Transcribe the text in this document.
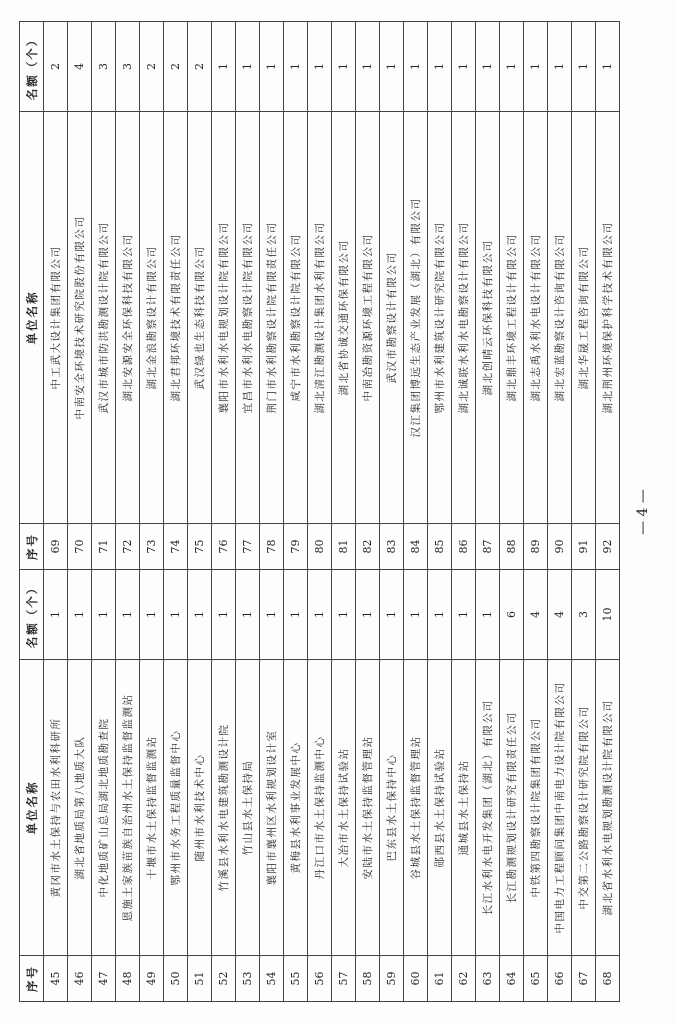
序号	单位名称	名额（个）	序号	单位名称	名额（个）
45	黄冈市水土保持与农田水利科研所	1	69	中工武大设计集团有限公司	2
46	湖北省地质局第八地质大队	1	70	中南安全环境技术研究院股份有限公司	4
47	中化地质矿山总局湖北地质勘查院	1	71	武汉市城市防洪勘测设计院有限公司	3
48	恩施土家族苗族自治州水土保持监督监测站	1	72	湖北安源安全环保科技有限公司	3
49	十堰市水土保持监督监测站	1	73	湖北金浪勘察设计有限公司	2
50	鄂州市水务工程质量监督中心	1	74	湖北君邦环境技术有限责任公司	2
51	随州市水利技术中心	1	75	武汉绿也生态科技有限公司	2
52	竹溪县水利水电建筑勘测设计院	1	76	襄阳市水利水电规划设计院有限公司	1
53	竹山县水土保持局	1	77	宜昌市水利水电勘察设计院有限公司	1
54	襄阳市襄州区水利规划设计室	1	78	荆门市水利勘察设计院有限责任公司	1
55	黄梅县水利事业发展中心	1	79	咸宁市水利勘察设计院有限公司	1
56	丹江口市水土保持监测中心	1	80	湖北清江勘测设计集团水利有限公司	1
57	大冶市水土保持试验站	1	81	湖北省协诚交通环保有限公司	1
58	安陆市水土保持监督管理站	1	82	中南冶勘资源环境工程有限公司	1
59	巴东县水土保持中心	1	83	武汉市勘察设计有限公司	1
60	谷城县水土保持监督管理站	1	84	汉江集团博远生态产业发展（湖北）有限公司	1
61	郧西县水土保持试验站	1	85	鄂州市水利建筑设计研究院有限公司	1
62	通城县水土保持站	1	86	湖北诚联水利水电勘察设计有限公司	1
63	长江水利水电开发集团（湖北）有限公司	1	87	湖北创晴云环保科技有限公司	1
64	长江勘测规划设计研究有限责任公司	6	88	湖北鼎丰环境工程设计有限公司	1
65	中铁第四勘察设计院集团有限公司	4	89	湖北志禹水利水电设计有限公司	1
66	中国电力工程顾问集团中南电力设计院有限公司	4	90	湖北宏蓝勘察设计咨询有限公司	1
67	中交第二公路勘察设计研究院有限公司	3	91	湖北华晟工程咨询有限公司	1
68	湖北省水利水电规划勘测设计院有限公司	10	92	湖北荆州环境保护科学技术有限公司	1
— 4 —
